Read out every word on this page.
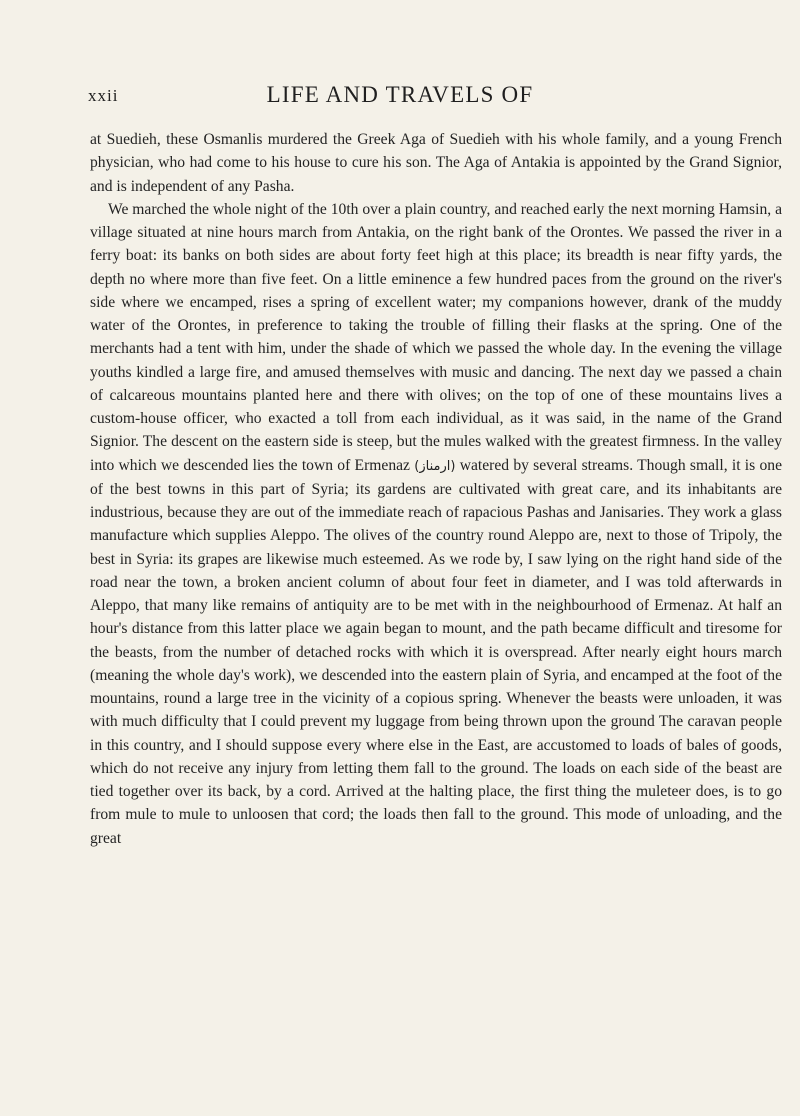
xxii	LIFE AND TRAVELS OF

at Suedieh, these Osmanlis murdered the Greek Aga of Suedieh with his whole family, and a young French physician, who had come to his house to cure his son. The Aga of Antakia is appointed by the Grand Signior, and is independent of any Pasha.

We marched the whole night of the 10th over a plain country, and reached early the next morning Hamsin, a village situated at nine hours march from Antakia, on the right bank of the Orontes. We passed the river in a ferry boat: its banks on both sides are about forty feet high at this place; its breadth is near fifty yards, the depth no where more than five feet. On a little eminence a few hundred paces from the ground on the river's side where we encamped, rises a spring of excellent water; my companions however, drank of the muddy water of the Orontes, in preference to taking the trouble of filling their flasks at the spring. One of the merchants had a tent with him, under the shade of which we passed the whole day. In the evening the village youths kindled a large fire, and amused themselves with music and dancing. The next day we passed a chain of calcareous mountains planted here and there with olives; on the top of one of these mountains lives a custom-house officer, who exacted a toll from each individual, as it was said, in the name of the Grand Signior. The descent on the eastern side is steep, but the mules walked with the greatest firmness. In the valley into which we descended lies the town of Ermenaz (ارمناز) watered by several streams. Though small, it is one of the best towns in this part of Syria; its gardens are cultivated with great care, and its inhabitants are industrious, because they are out of the immediate reach of rapacious Pashas and Janisaries. They work a glass manufacture which supplies Aleppo. The olives of the country round Aleppo are, next to those of Tripoly, the best in Syria: its grapes are likewise much esteemed. As we rode by, I saw lying on the right hand side of the road near the town, a broken ancient column of about four feet in diameter, and I was told afterwards in Aleppo, that many like remains of antiquity are to be met with in the neighbourhood of Ermenaz. At half an hour's distance from this latter place we again began to mount, and the path became difficult and tiresome for the beasts, from the number of detached rocks with which it is overspread. After nearly eight hours march (meaning the whole day's work), we descended into the eastern plain of Syria, and encamped at the foot of the mountains, round a large tree in the vicinity of a copious spring. Whenever the beasts were unloaden, it was with much difficulty that I could prevent my luggage from being thrown upon the ground The caravan people in this country, and I should suppose every where else in the East, are accustomed to loads of bales of goods, which do not receive any injury from letting them fall to the ground. The loads on each side of the beast are tied together over its back, by a cord. Arrived at the halting place, the first thing the muleteer does, is to go from mule to mule to unloosen that cord; the loads then fall to the ground. This mode of unloading, and the great
